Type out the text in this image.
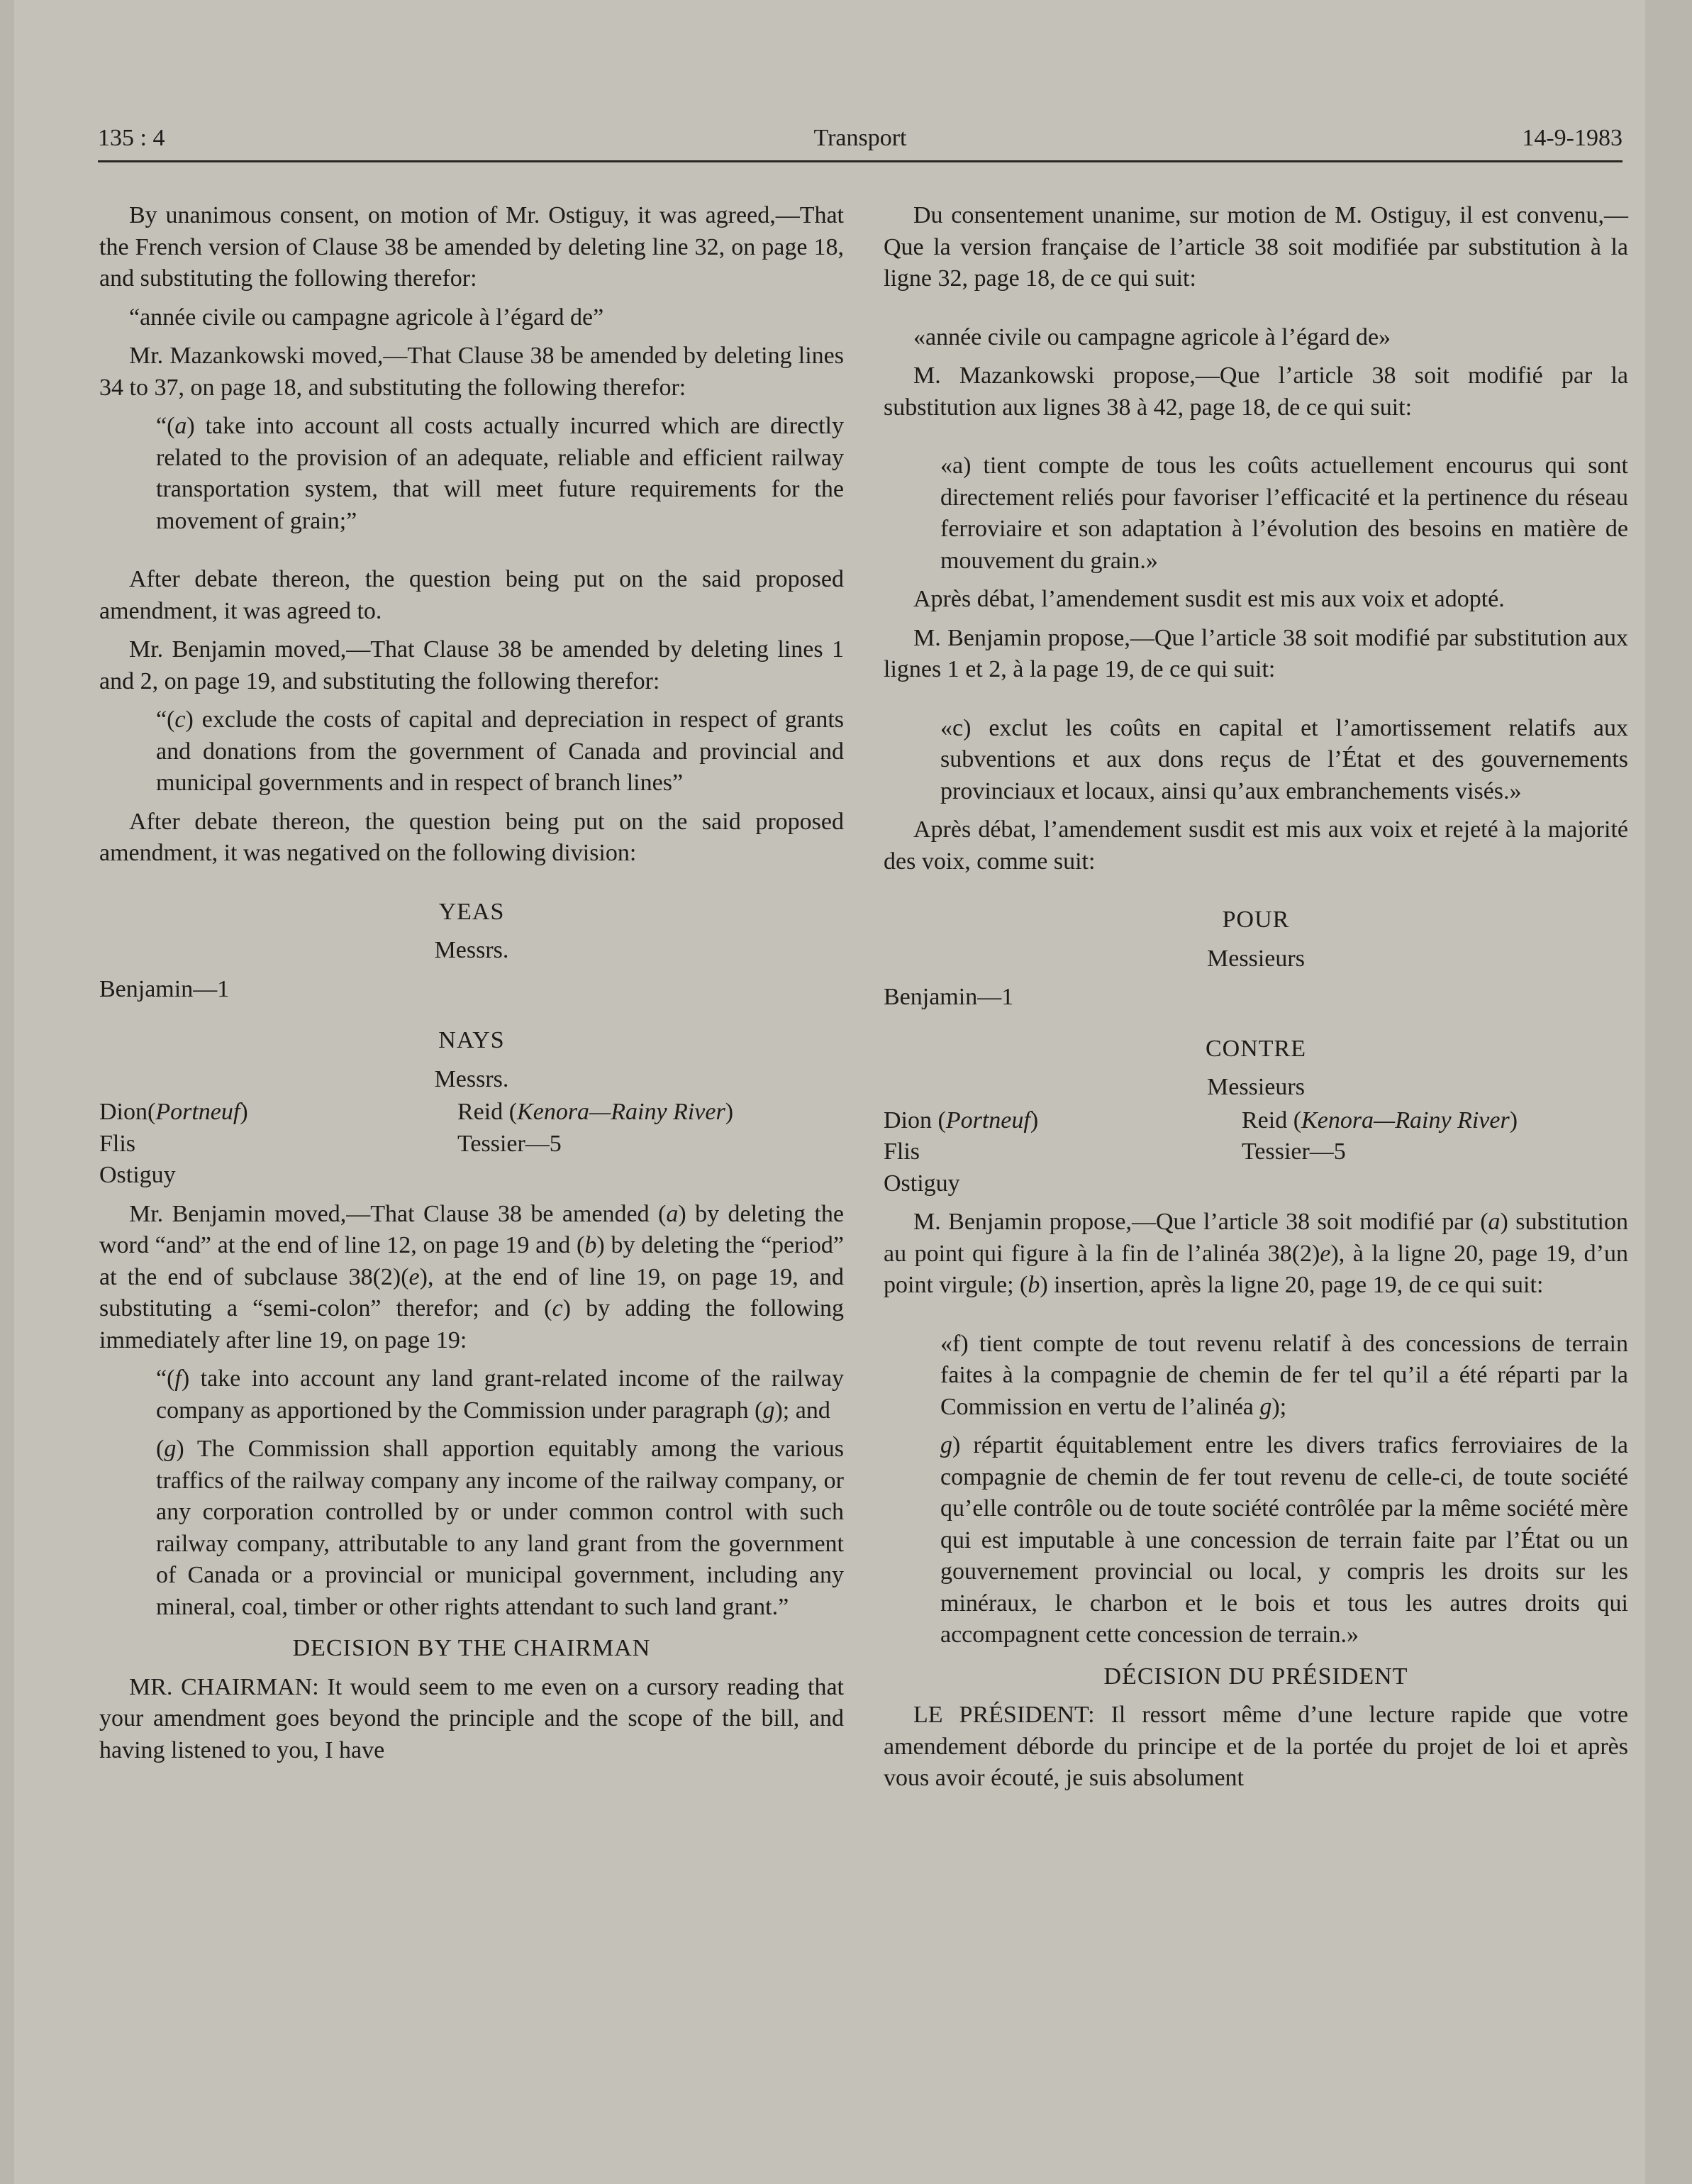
135 : 4	Transport	14-9-1983

By unanimous consent, on motion of Mr. Ostiguy, it was agreed,—That the French version of Clause 38 be amended by deleting line 32, on page 18, and substituting the following therefor:

“année civile ou campagne agricole à l’égard de”

Mr. Mazankowski moved,—That Clause 38 be amended by deleting lines 34 to 37, on page 18, and substituting the following therefor:

“(a) take into account all costs actually incurred which are directly related to the provision of an adequate, reliable and efficient railway transportation system, that will meet future requirements for the movement of grain;”

After debate thereon, the question being put on the said proposed amendment, it was agreed to.

Mr. Benjamin moved,—That Clause 38 be amended by deleting lines 1 and 2, on page 19, and substituting the following therefor:

“(c) exclude the costs of capital and depreciation in respect of grants and donations from the government of Canada and provincial and municipal governments and in respect of branch lines”

After debate thereon, the question being put on the said proposed amendment, it was negatived on the following division:

YEAS

Messrs.

Benjamin—1

NAYS

Messrs.

Dion(Portneuf)	Reid (Kenora—Rainy River)
Flis	Tessier—5
Ostiguy

Mr. Benjamin moved,—That Clause 38 be amended (a) by deleting the word “and” at the end of line 12, on page 19 and (b) by deleting the “period” at the end of subclause 38(2)(e), at the end of line 19, on page 19, and substituting a “semi-colon” therefor; and (c) by adding the following immediately after line 19, on page 19:

“(f) take into account any land grant-related income of the railway company as apportioned by the Commission under paragraph (g); and

(g) The Commission shall apportion equitably among the various traffics of the railway company any income of the railway company, or any corporation controlled by or under common control with such railway company, attributable to any land grant from the government of Canada or a provincial or municipal government, including any mineral, coal, timber or other rights attendant to such land grant.”

DECISION BY THE CHAIRMAN

MR. CHAIRMAN: It would seem to me even on a cursory reading that your amendment goes beyond the principle and the scope of the bill, and having listened to you, I have

Du consentement unanime, sur motion de M. Ostiguy, il est convenu,—Que la version française de l’article 38 soit modifiée par substitution à la ligne 32, page 18, de ce qui suit:

«année civile ou campagne agricole à l’égard de»

M. Mazankowski propose,—Que l’article 38 soit modifié par la substitution aux lignes 38 à 42, page 18, de ce qui suit:

«a) tient compte de tous les coûts actuellement encourus qui sont directement reliés pour favoriser l’efficacité et la pertinence du réseau ferroviaire et son adaptation à l’évolution des besoins en matière de mouvement du grain.»

Après débat, l’amendement susdit est mis aux voix et adopté.

M. Benjamin propose,—Que l’article 38 soit modifié par substitution aux lignes 1 et 2, à la page 19, de ce qui suit:

«c) exclut les coûts en capital et l’amortissement relatifs aux subventions et aux dons reçus de l’État et des gouvernements provinciaux et locaux, ainsi qu’aux embranchements visés.»

Après débat, l’amendement susdit est mis aux voix et rejeté à la majorité des voix, comme suit:

POUR

Messieurs

Benjamin—1

CONTRE

Messieurs

Dion (Portneuf)	Reid (Kenora—Rainy River)
Flis	Tessier—5
Ostiguy

M. Benjamin propose,—Que l’article 38 soit modifié par (a) substitution au point qui figure à la fin de l’alinéa 38(2)e), à la ligne 20, page 19, d’un point virgule; (b) insertion, après la ligne 20, page 19, de ce qui suit:

«f) tient compte de tout revenu relatif à des concessions de terrain faites à la compagnie de chemin de fer tel qu’il a été réparti par la Commission en vertu de l’alinéa g);

g) répartit équitablement entre les divers trafics ferroviaires de la compagnie de chemin de fer tout revenu de celle-ci, de toute société qu’elle contrôle ou de toute société contrôlée par la même société mère qui est imputable à une concession de terrain faite par l’État ou un gouvernement provincial ou local, y compris les droits sur les minéraux, le charbon et le bois et tous les autres droits qui accompagnent cette concession de terrain.»

DÉCISION DU PRÉSIDENT

LE PRÉSIDENT: Il ressort même d’une lecture rapide que votre amendement déborde du principe et de la portée du projet de loi et après vous avoir écouté, je suis absolument
